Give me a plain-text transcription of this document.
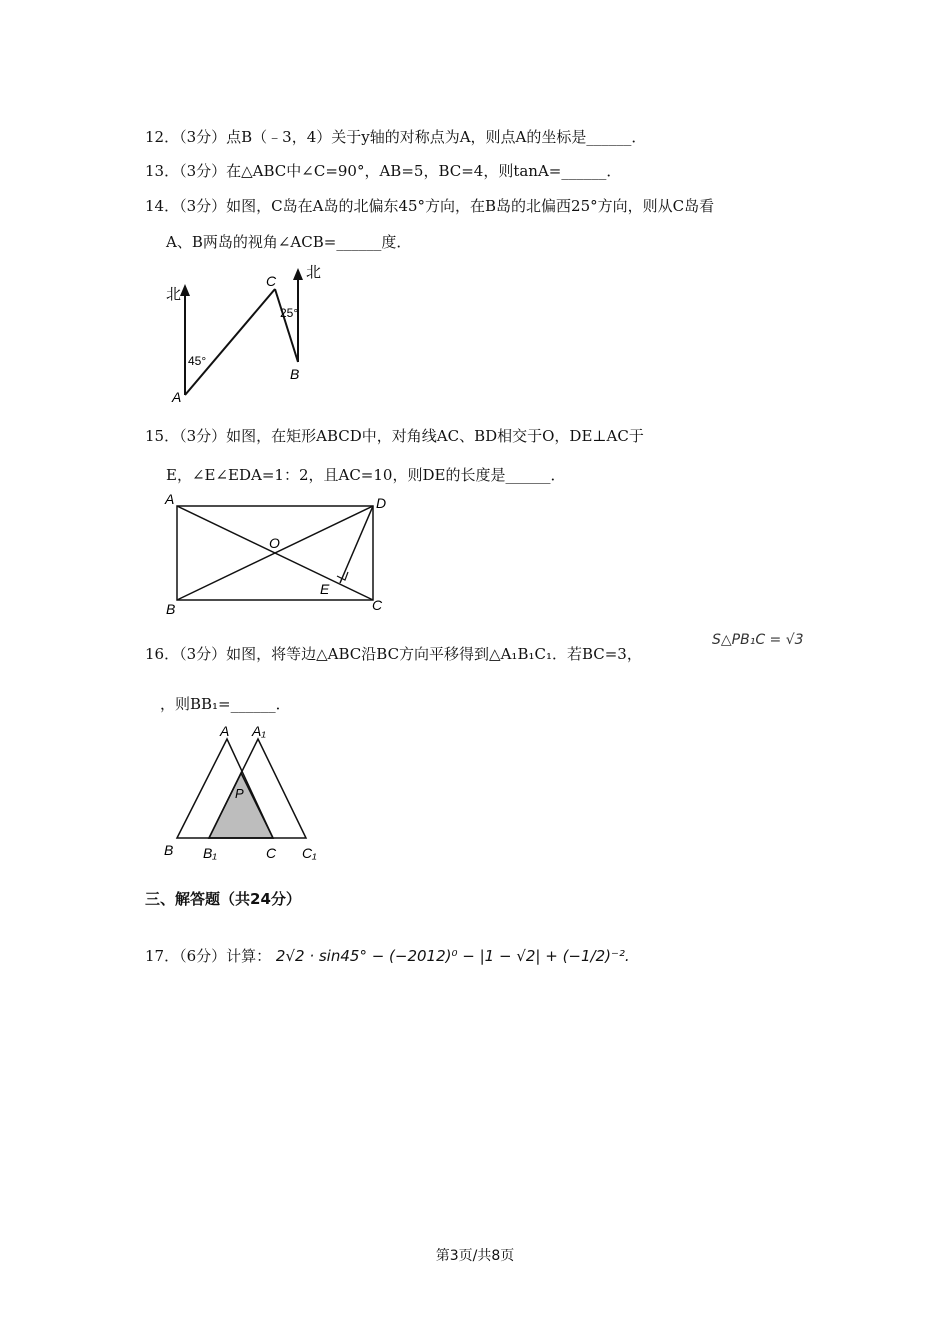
12．（3分）点B（﹣3，4）关于y轴的对称点为A，则点A的坐标是______．
13．（3分）在△ABC中∠C=90°，AB=5，BC=4，则tanA=______．
14．（3分）如图，C岛在A岛的北偏东45°方向，在B岛的北偏西25°方向，则从C岛看
A、B两岛的视角∠ACB=______度．
北
北
45°
25°
A
C
B
15．（3分）如图，在矩形ABCD中，对角线AC、BD相交于O，DE⊥AC于
E，∠E∠EDA=1：2，且AC=10，则DE的长度是______．
A	D
B	C
O
E
16．（3分）如图，将等边△ABC沿BC方向平移得到△A₁B₁C₁．若BC=3，
S△PB₁C = √3
，则BB₁=______．
A A₁
B B₁	C C₁
P
三、解答题（共24分）
17．（6分）计算： 2√2 · sin45° − (−2012)⁰ − |1 − √2| + (−1/2)⁻².
第3页/共8页
